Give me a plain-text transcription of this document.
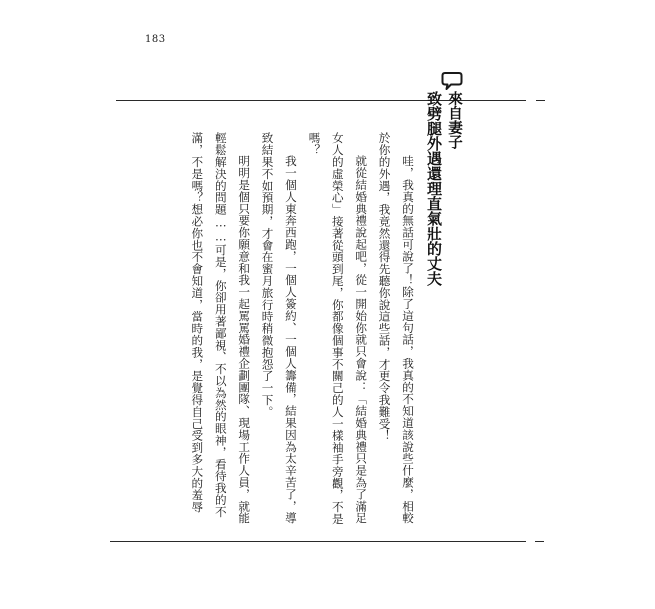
183
來自妻子
致劈腿外遇還理直氣壯的丈夫

哇，我真的無話可說了！除了這句話，我真的不知道該說些什麼，相較於你的外遇，我竟然還得先聽你說這些話，才更令我難受！

就從結婚典禮說起吧，從一開始你就只會說：「結婚典禮只是為了滿足女人的虛榮心」接著從頭到尾，你都像個事不關己的人一樣袖手旁觀，不是嗎？

我一個人東奔西跑，一個人簽約、一個人籌備，結果因為太辛苦了，導致結果不如預期，才會在蜜月旅行時稍微抱怨了一下。

明明是個只要你願意和我一起罵罵婚禮企劃團隊、現場工作人員，就能輕鬆解決的問題……可是，你卻用著鄙視、不以為然的眼神，看待我的不滿，不是嗎？想必你也不會知道，當時的我，是覺得自己受到多大的羞辱
